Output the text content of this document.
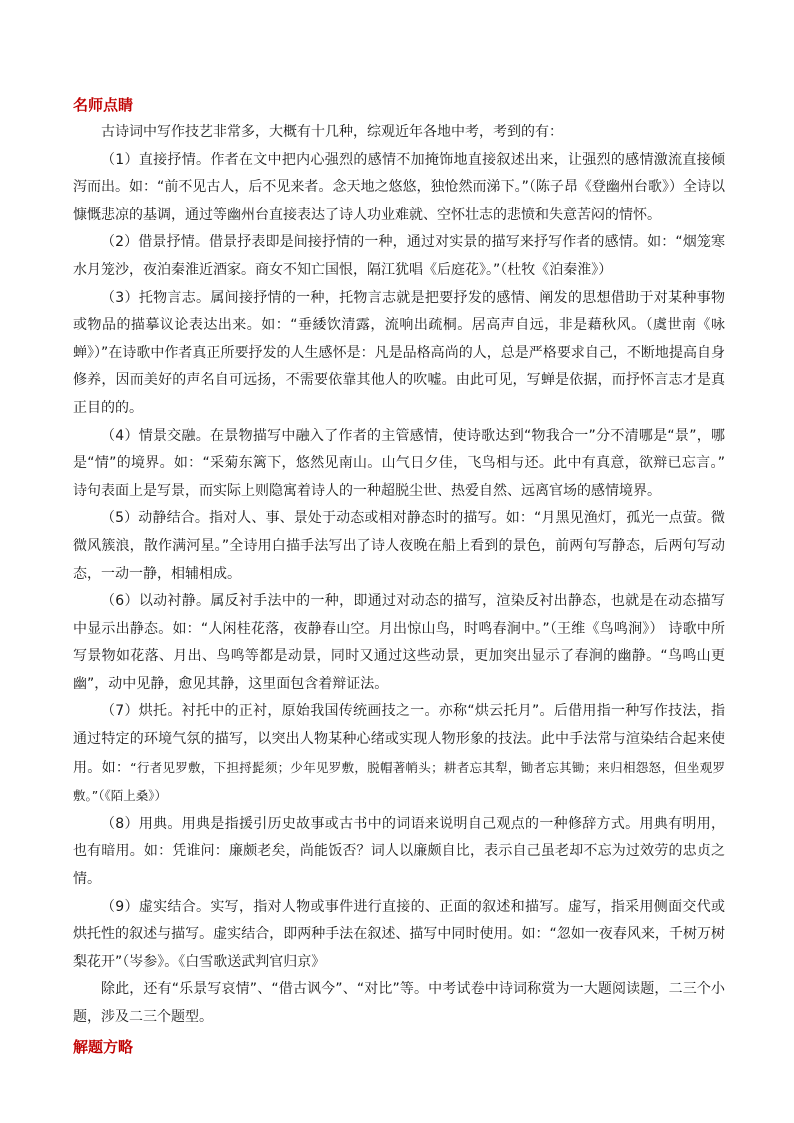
名师点睛

古诗词中写作技艺非常多，大概有十几种，综观近年各地中考，考到的有：

（1）直接抒情。作者在文中把内心强烈的感情不加掩饰地直接叙述出来，让强烈的感情激流直接倾泻而出。如：“前不见古人，后不见来者。念天地之悠悠，独怆然而涕下。”（陈子昂《登幽州台歌》）全诗以慷慨悲凉的基调，通过等幽州台直接表达了诗人功业难就、空怀壮志的悲愤和失意苦闷的情怀。

（2）借景抒情。借景抒表即是间接抒情的一种，通过对实景的描写来抒写作者的感情。如：“烟笼寒水月笼沙，夜泊秦淮近酒家。商女不知亡国恨，隔江犹唱《后庭花》。”（杜牧《泊秦淮》）

（3）托物言志。属间接抒情的一种，托物言志就是把要抒发的感情、阐发的思想借助于对某种事物或物品的描摹议论表达出来。如：“垂緌饮清露，流响出疏桐。居高声自远，非是藉秋风。（虞世南《咏蝉》）”在诗歌中作者真正所要抒发的人生感怀是：凡是品格高尚的人，总是严格要求自己，不断地提高自身修养，因而美好的声名自可远扬，不需要依靠其他人的吹嘘。由此可见，写蝉是依据，而抒怀言志才是真正目的的。

（4）情景交融。在景物描写中融入了作者的主管感情，使诗歌达到“物我合一”分不清哪是“景”，哪是“情”的境界。如：“采菊东篱下，悠然见南山。山气日夕佳，飞鸟相与还。此中有真意，欲辩已忘言。” 诗句表面上是写景，而实际上则隐寓着诗人的一种超脱尘世、热爱自然、远离官场的感情境界。

（5）动静结合。指对人、事、景处于动态或相对静态时的描写。如：“月黑见渔灯，孤光一点萤。微微风簇浪，散作满河星。”全诗用白描手法写出了诗人夜晚在船上看到的景色，前两句写静态，后两句写动态，一动一静，相辅相成。

（6）以动衬静。属反衬手法中的一种，即通过对动态的描写，渲染反衬出静态，也就是在动态描写中显示出静态。如：“人闲桂花落，夜静春山空。月出惊山鸟，时鸣春涧中。”（王维《鸟鸣涧》） 诗歌中所写景物如花落、月出、鸟鸣等都是动景，同时又通过这些动景，更加突出显示了春涧的幽静。“鸟鸣山更幽”，动中见静，愈见其静，这里面包含着辩证法。

（7）烘托。衬托中的正衬，原始我国传统画技之一。亦称“烘云托月”。后借用指一种写作技法，指通过特定的环境气氛的描写，以突出人物某种心绪或实现人物形象的技法。此中手法常与渲染结合起来使用。如：“行者见罗敷，下担捋髭须；少年见罗敷，脱帽著帩头；耕者忘其犁，锄者忘其锄；来归相怨怒，但坐观罗敷。”（《陌上桑》）

（8）用典。用典是指援引历史故事或古书中的词语来说明自己观点的一种修辞方式。用典有明用，也有暗用。如：凭谁问：廉颇老矣，尚能饭否？词人以廉颇自比，表示自己虽老却不忘为过效劳的忠贞之情。

（9）虚实结合。实写，指对人物或事件进行直接的、正面的叙述和描写。虚写，指采用侧面交代或烘托性的叙述与描写。虚实结合，即两种手法在叙述、描写中同时使用。如：“忽如一夜春风来，千树万树梨花开”（岑参》。《白雪歌送武判官归京》

除此，还有“乐景写哀情”、“借古讽今”、“对比”等。中考试卷中诗词称赏为一大题阅读题，二三个小题，涉及二三个题型。

解题方略
